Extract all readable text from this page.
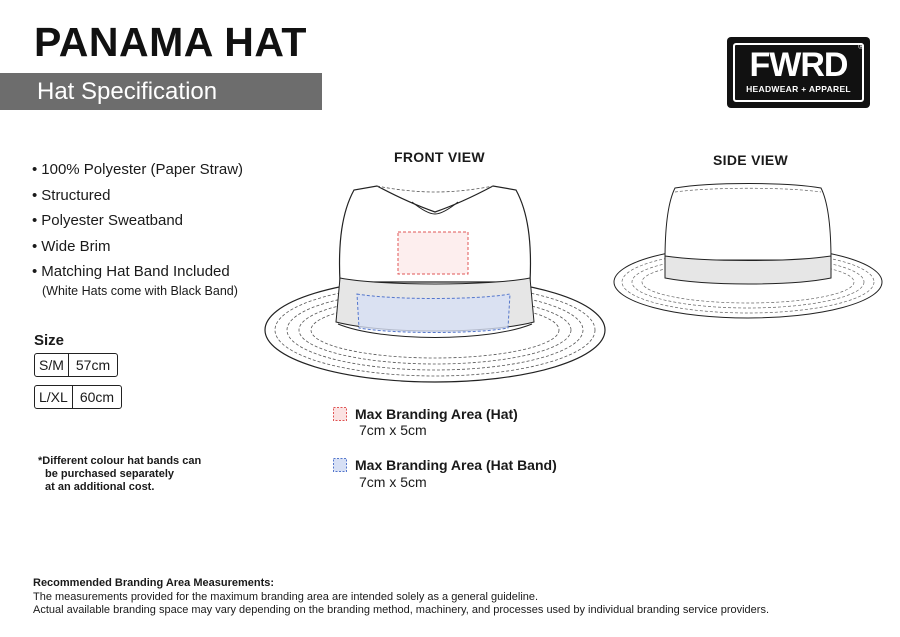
PANAMA HAT
Hat Specification
FWRD
HEADWEAR + APPAREL
®
• 100% Polyester (Paper Straw)
• Structured
• Polyester Sweatband
• Wide Brim
• Matching Hat Band Included
(White Hats come with Black Band)
Size
S/M 57cm
L/XL 60cm
*Different colour hat bands can
be purchased separately
at an additional cost.
FRONT VIEW	SIDE VIEW
Max Branding Area (Hat)
7cm x 5cm
Max Branding Area (Hat Band)
7cm x 5cm
Recommended Branding Area Measurements:
The measurements provided for the maximum branding area are intended solely as a general guideline.
Actual available branding space may vary depending on the branding method, machinery, and processes used by individual branding service providers.
